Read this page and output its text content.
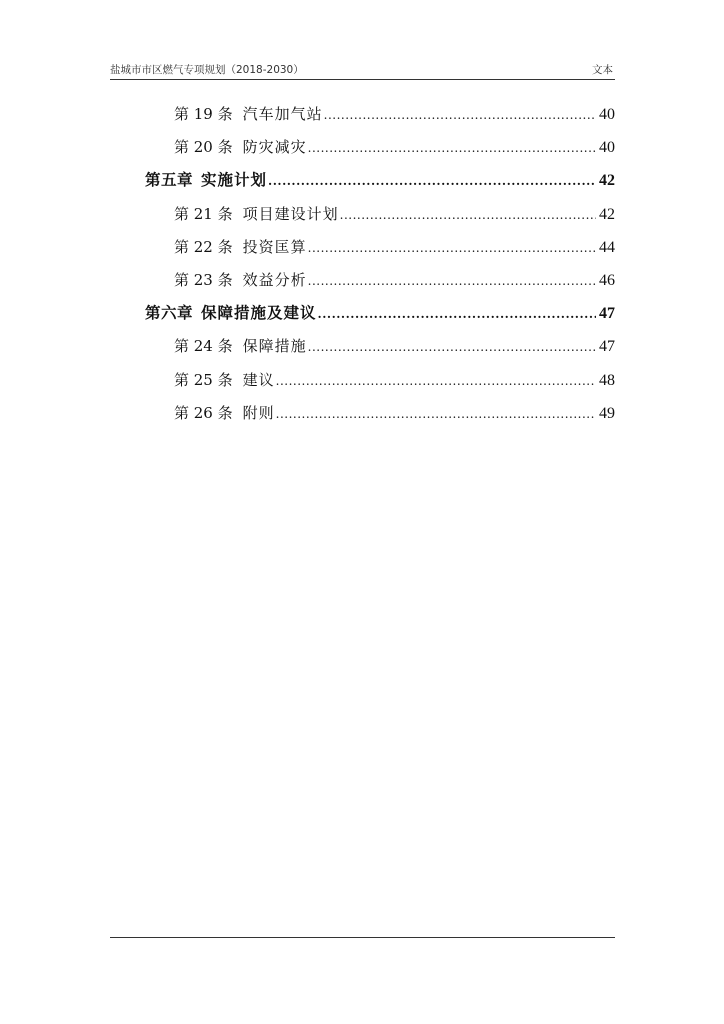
盐城市市区燃气专项规划（2018-2030）	文本
第 19 条 汽车加气站 .....	40
第 20 条 防灾减灾 .....	40
第五章 实施计划 .....	42
第 21 条 项目建设计划 .....	42
第 22 条 投资匡算 .....	44
第 23 条 效益分析 .....	46
第六章 保障措施及建议 .....	47
第 24 条 保障措施 .....	47
第 25 条 建议 .....	48
第 26 条 附则 .....	49
